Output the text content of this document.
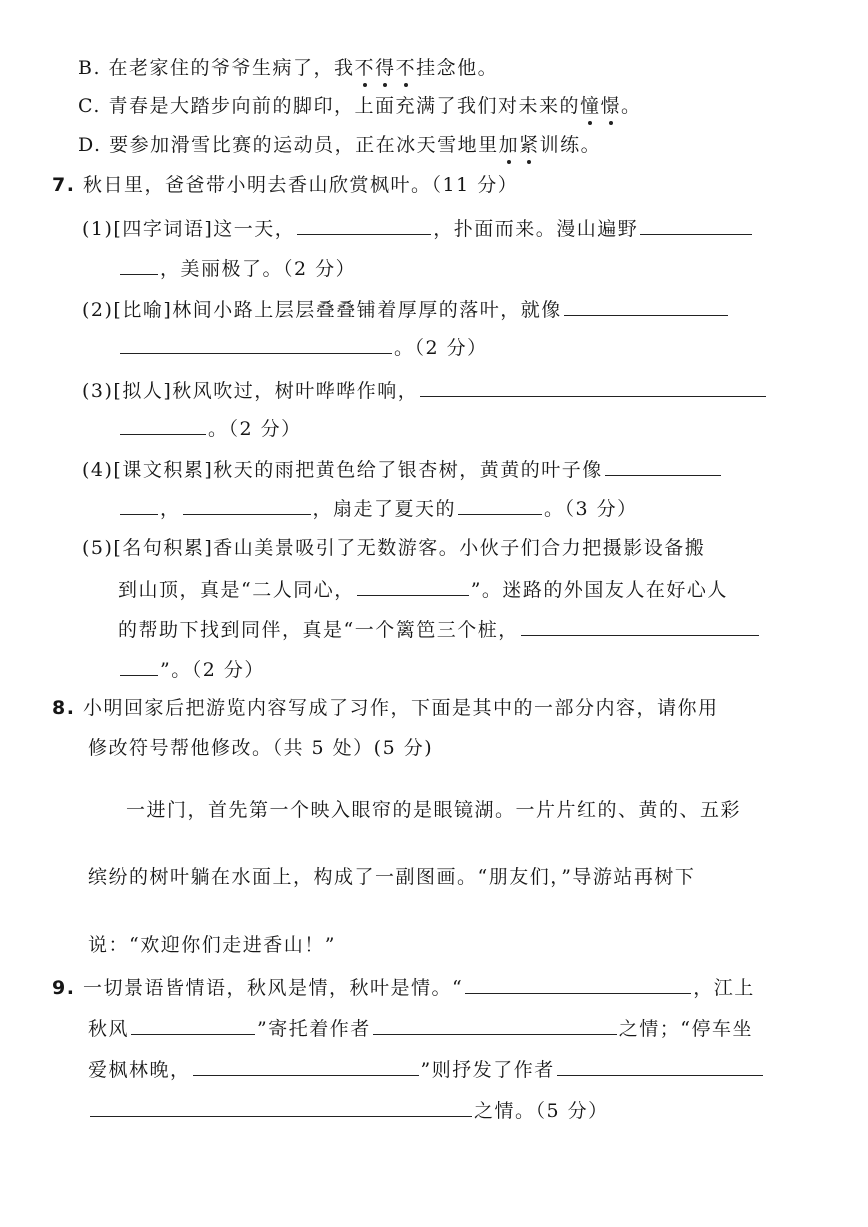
B. 在老家住的爷爷生病了，我不得不挂念他。
C. 青春是大踏步向前的脚印，上面充满了我们对未来的憧憬。
D. 要参加滑雪比赛的运动员，正在冰天雪地里加紧训练。
7. 秋日里，爸爸带小明去香山欣赏枫叶。（11 分）
(1)[四字词语]这一天，	，扑面而来。漫山遍野
，美丽极了。（2 分）
(2)[比喻]林间小路上层层叠叠铺着厚厚的落叶，就像
。（2 分）
(3)[拟人]秋风吹过，树叶哗哗作响，
。（2 分）
(4)[课文积累]秋天的雨把黄色给了银杏树，黄黄的叶子像
，	，扇走了夏天的	。（3 分）
(5)[名句积累]香山美景吸引了无数游客。小伙子们合力把摄影设备搬
到山顶，真是“二人同心，	”。迷路的外国友人在好心人
的帮助下找到同伴，真是“一个篱笆三个桩，
”。（2 分）
8. 小明回家后把游览内容写成了习作，下面是其中的一部分内容，请你用
修改符号帮他修改。（共 5 处）(5 分)
一进门，首先第一个映入眼帘的是眼镜湖。一片片红的、黄的、五彩
缤纷的树叶躺在水面上，构成了一副图画。“朋友们，”导游站再树下
说：“欢迎你们走进香山！”
9. 一切景语皆情语，秋风是情，秋叶是情。“	，江上
秋风	”寄托着作者	之情；“停车坐
爱枫林晚，	”则抒发了作者
之情。（5 分）
